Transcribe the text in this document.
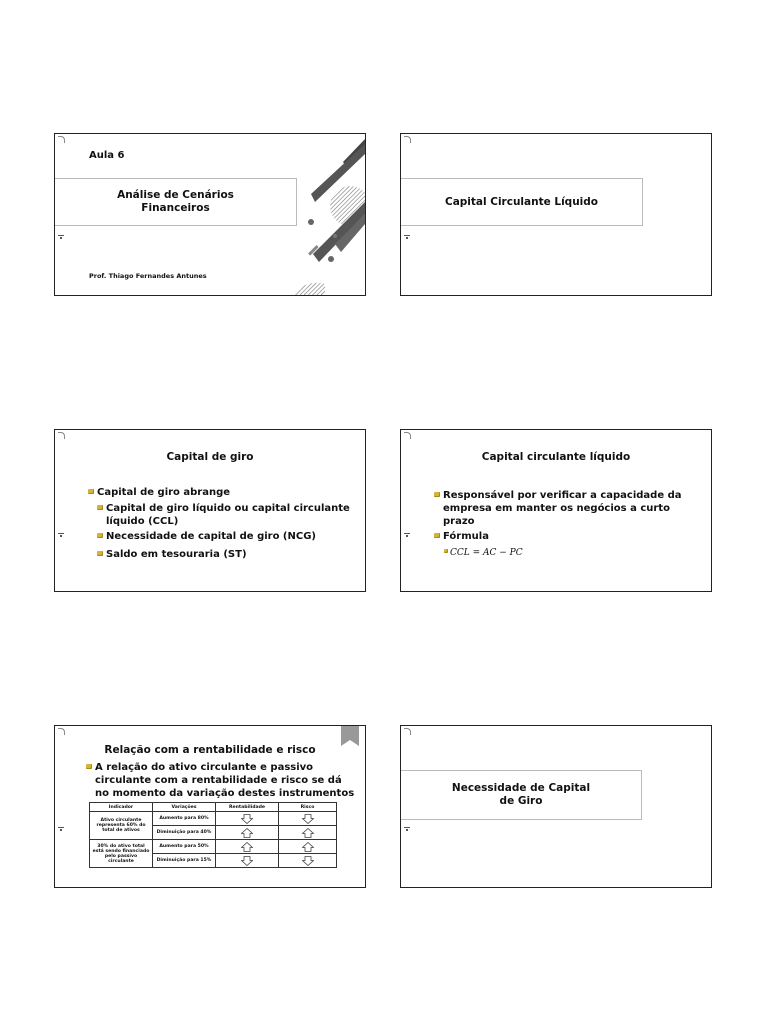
Aula 6
Análise de Cenários
Financeiros
Prof. Thiago Fernandes Antunes
Capital Circulante Líquido
Capital de giro
Capital de giro abrange
Capital de giro líquido ou capital circulante
líquido (CCL)
Necessidade de capital de giro (NCG)
Saldo em tesouraria (ST)
Capital circulante líquido
Responsável por verificar a capacidade da
empresa em manter os negócios a curto
prazo
Fórmula
CCL = AC − PC
Relação com a rentabilidade e risco
A relação do ativo circulante e passivo
circulante com a rentabilidade e risco se dá
no momento da variação destes instrumentos
Indicador	Variações	Rentabilidade	Risco
Ativo circulante
representa 60% do
total de ativos	Aumento para 80%		
	Diminuição para 40%		
30% do ativo total
está sendo financiado
pelo passivo
circulante	Aumento para 50%		
	Diminuição para 15%		
Necessidade de Capital
de Giro
